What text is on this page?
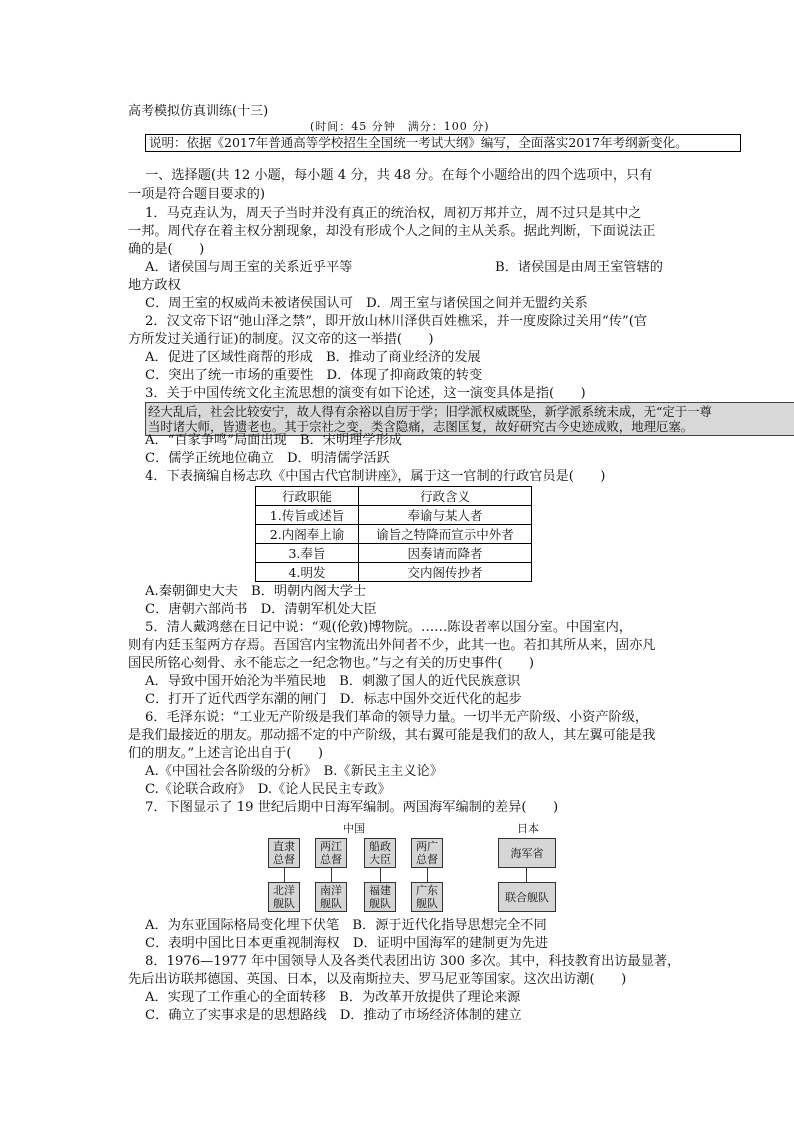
高考模拟仿真训练(十三)
(时间：45 分钟　满分：100 分)
说明：依据《2017年普通高等学校招生全国统一考试大纲》编写，全面落实2017年考纲新变化。
一、选择题(共 12 小题，每小题 4 分，共 48 分。在每个小题给出的四个选项中，只有
一项是符合题目要求的)
1．马克垚认为，周天子当时并没有真正的统治权，周初万邦并立，周不过只是其中之
一邦。周代存在着主权分割现象，却没有形成个人之间的主从关系。据此判断，下面说法正
确的是(　　)
A．诸侯国与周王室的关系近乎平等	B．诸侯国是由周王室管辖的
地方政权
C．周王室的权威尚未被诸侯国认可　D．周王室与诸侯国之间并无盟约关系
2．汉文帝下诏“弛山泽之禁”，即开放山林川泽供百姓樵采，并一度废除过关用“传”(官
方所发过关通行证)的制度。汉文帝的这一举措(　　)
A．促进了区域性商帮的形成　B．推动了商业经济的发展
C．突出了统一市场的重要性　D．体现了抑商政策的转变
3．关于中国传统文化主流思想的演变有如下论述，这一演变具体是指(　　)
经大乱后，社会比较安宁，故人得有余裕以自厉于学；旧学派权威既坠，新学派系统未成，无“定于一尊
当时诸大师，皆遗老也。其于宗社之变，类含隐痛，志图匡复，故好研究古今史迹成败，地理厄塞。
A．“百家争鸣”局面出现　B．宋明理学形成
C．儒学正统地位确立　D．明清儒学活跃
4．下表摘编自杨志玖《中国古代官制讲座》，属于这一官制的行政官员是(　　)
行政职能	行政含义
1.传旨或述旨	奉谕与某人者
2.内阁奉上谕	谕旨之特降而宣示中外者
3.奉旨	因奏请而降者
4.明发	交内阁传抄者
A.秦朝御史大夫　B．明朝内阁大学士
C．唐朝六部尚书　D．清朝军机处大臣
5．清人戴鸿慈在日记中说：“观(伦敦)博物院。……陈设者率以国分室。中国室内，
则有内廷玉玺两方存焉。吾国宫内宝物流出外间者不少，此其一也。若扣其所从来，固亦凡
国民所铭心刻骨、永不能忘之一纪念物也。”与之有关的历史事件(　　)
A．导致中国开始沦为半殖民地　B．刺激了国人的近代民族意识
C．打开了近代西学东潮的闸门　D．标志中国外交近代化的起步
6．毛泽东说：“工业无产阶级是我们革命的领导力量。一切半无产阶级、小资产阶级，
是我们最接近的朋友。那动摇不定的中产阶级，其右翼可能是我们的敌人，其左翼可能是我
们的朋友。”上述言论出自于(　　)
A.《中国社会各阶级的分析》　B.《新民主主义论》
C.《论联合政府》　D.《论人民民主专政》
7．下图显示了 19 世纪后期中日海军编制。两国海军编制的差异(　　)
中国	日本
直隶
总督
两江
总督
船政
大臣
两广
总督
北洋
舰队
南洋
舰队
福建
舰队
广东
舰队
海军省
联合舰队
A．为东亚国际格局变化埋下伏笔　B．源于近代化指导思想完全不同
C．表明中国比日本更重视制海权　D．证明中国海军的建制更为先进
8．1976—1977 年中国领导人及各类代表团出访 300 多次。其中，科技教育出访最显著，
先后出访联邦德国、英国、日本，以及南斯拉夫、罗马尼亚等国家。这次出访潮(　　)
A．实现了工作重心的全面转移　B．为改革开放提供了理论来源
C．确立了实事求是的思想路线　D．推动了市场经济体制的建立
